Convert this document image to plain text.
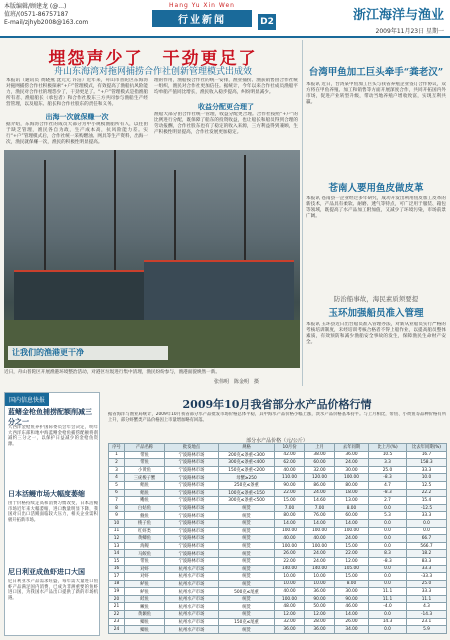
本版编辑/顾建龙 (@...)
值班/(0571-86757187
E-mail/zjhyb2008@163.com
Hang Yu Xin Wen
行业新闻	D2	浙江海洋与渔业
2009年11月23日 星期一
埋怨声少了　干劲更足了
舟山东海湾对拖网捕捞合作社创新管理模式出成效
本报讯（通讯员 黄晓燕 沈元元 许洁）近年来，舟山市普陀区东海湾对拖网捕捞合作社积极探索“+户”管理模式，有效提高了渔船抗风险能力，渔民对合作社的埋怨少了，干劲更足了。“+户”管理模式是指渔船所有者、渔船船长（承包者）和合作社股东三方共同参与渔船生产经营管理，以及船东、船长和合作社股东的责任和义务。
出海一次就保赚一次
据介绍，东海湾合作社的成员大部分为中小规模渔船所有人，以往由于缺乏管理，渔民各自为政，生产成本高，抗风险能力差。实行“+户”管理模式后，合作社统一采购燃油、网具等生产资料，出海一次，渔民就保赚一次，渔民的积极性明显提高。
理的作用，渔船按合作社的统一安排，渔业捕捞、渔获销售由合作社统一组织，渔民对合作社更加信任。据统计，今年以来合作社成员渔船平均单船产值同比增长，渔民收入稳步提高，纠纷明显减少。
收益分配更合理了
渔船大部分由合作社统一管理，收益分配更合理。合作社按照“+户”的比例进行分配，既保障了船东的投资收益，也让船长和船员得到合理的劳动报酬，合作社股东也有了稳定的收入来源，三方利益得到兼顾，生产积极性明显提高，合作社发展更加稳定。
让我们的渔港更干净
近日，舟山普陀区开展渔港环境整治活动，对港区垃圾进行集中清理，渔民纷纷参与，渔港面貌焕然一新。
张伟明　陈金明　摄
台湾甲鱼加工巨头牵手“粪老汉”
本报讯 近日，台湾某甲鱼加工巨头与我省养殖企业签订合作协议，双方将在甲鱼养殖、加工和销售等方面开展深度合作，共同开拓国内外市场，促进产业转型升级，带动当地养殖户增收致富，实现互利共赢。
苍南人要用鱼皮做皮革
本报讯 苍南县一企业经过多年研究，成功开发出利用鱼皮加工皮革的新技术，产品具有柔软、耐磨、透气等特点，可广泛用于服装、箱包等领域，既提高了水产品加工附加值，又减少了环境污染，市场前景广阔。
防治船事故，海民素质须要提
玉环加强船员准入管理
本报讯 玉环县近日出台船员准入管理办法，对新从业船员实行严格的考核培训制度，未经培训考核合格者不得上船作业，以提高船员整体素质，有效预防和减少渔船安全事故的发生，保障渔民生命财产安全。
国内信息快报
蓝鳍金枪鱼捕捞配额削减三分之一
大西洋金枪鱼养护国际委员会年会决定，明年大西洋东部和地中海蓝鳍金枪鱼捕捞配额将削减约三分之一，以保护日益减少的金枪鱼资源。
日本活鳗市场大幅度萎缩
由于价格持续走高和消费习惯改变，日本活鳗市场近年来大幅萎缩，进口数量明显下降，我国对日出口活鳗面临较大压力，相关企业需积极开拓新市场。
尼日利亚成鱼虾进口大国
尼日利亚水产品需求旺盛，每年需大量进口鱼虾产品满足国内消费，已成为非洲重要的鱼虾进口国，为我国水产品出口提供了新的市场机遇。
2009年10月我省部分水产品价格行情
据省海洋与渔业局统计，2009年10月我省部分水产品批发市场价格总体平稳，其中海水产品价格小幅上涨，淡水产品价格基本持平。与上月相比，带鱼、小黄鱼等品种价格有所上升，部分虾蟹类产品价格因上市量增加略有回落。
部分水产品价格（元/公斤）
序号	产品名称	批发地点	规格	10月份	上月	去年同期	比上月(%)	比去年同期(%)
1	带鱼	宁波路林市场	200克≤条重<300	42.00	38.00	36.00	10.5	16.7
2	带鱼	宁波路林市场	300克≤条重<400	62.00	60.00	24.00	3.3	158.3
3	小黄鱼	宁波路林市场	150克≤条重<200	40.00	32.00	30.00	25.0	33.3
4	三疣梭子蟹	宁波路林市场	母蟹≥250	110.00	120.00	100.00	-8.3	10.0
5	鲳鱼	宁波路林市场	250克≤条重	90.00	86.00	80.00	4.7	12.5
6	鲳鱼	宁波路林市场	100克≤条重<150	22.00	24.00	18.00	-8.3	22.2
7	鳓鱼	宁波路林市场	300克≤条重<500	15.00	14.60	13.00	2.7	15.4
8	白姑鱼	宁波路林市场	统货	7.00	7.00	8.00	0.0	-12.5
9	鮸鱼	宁波路林市场	统货	80.00	76.00	60.00	5.3	33.3
10	梭子鱼	宁波路林市场	统货	14.00	14.00	14.00	0.0	0.0
11	红虾类	宁波路林市场	统货	100.00	100.00	100.00	0.0	0.0
12	黄鲫鱼	宁波路林市场	统货	40.00	40.00	24.00	0.0	66.7
13	海鳗	宁波路林市场	统货	100.00	100.00	15.00	0.0	566.7
14	马鲛鱼	宁波路林市场	统货	26.00	24.00	22.00	8.3	18.2
15	带鱼	宁波路林市场	统货	22.00	24.00	12.00	-8.3	83.3
16	对虾	杭州水产市场	统货	140.00	140.00	105.00	0.0	33.3
17	对虾	杭州水产市场	统货	10.00	10.00	15.00	0.0	-33.3
18	鲈鱼	杭州水产市场	统货	10.00	10.00	8.00	0.0	25.0
19	鲈鱼	杭州水产市场	500克≤尾重	40.00	36.00	30.00	11.1	33.3
20	鲑鱼	杭州水产市场	统货	100.00	90.00	90.00	11.1	11.1
21	鳜鱼	杭州水产市场	统货	48.00	50.00	46.00	-4.0	4.3
22	黄颡鱼	杭州水产市场	统货	12.00	12.00	14.00	0.0	-14.3
23	鲫鱼	杭州水产市场	150克≤尾重	32.00	28.00	26.00	14.3	23.1
24	鲫鱼	杭州水产市场	统货	36.00	36.00	34.00	0.0	5.9
